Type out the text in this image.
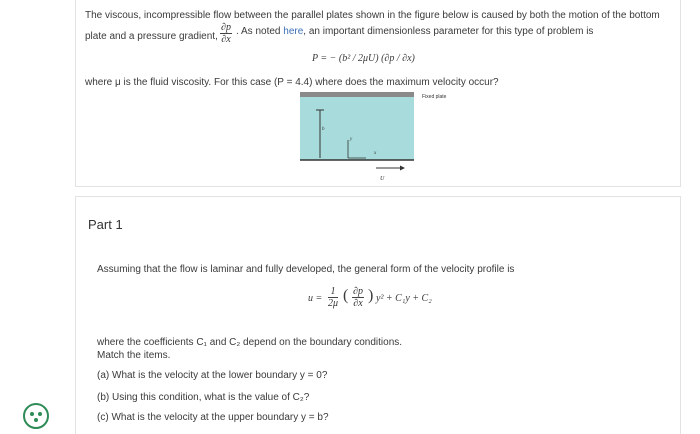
The viscous, incompressible flow between the parallel plates shown in the figure below is caused by both the motion of the bottom
plate and a pressure gradient, $\frac{\partial p}{\partial x}$ . As noted here, an important dimensionless parameter for this type of problem is
P = − (b² / 2μU) (∂p / ∂x)
where μ is the fluid viscosity. For this case (P = 4.4) where does the maximum velocity occur?
b
y
x
U
Fixed plate
Part 1
Assuming that the flow is laminar and fully developed, the general form of the velocity profile is
$u = \frac{1}{2\mu}$ ( $\frac{\partial p}{\partial x}$ ) y² + C₁y + C₂
where the coefficients C₁ and C₂ depend on the boundary conditions.
Match the items.
(a) What is the velocity at the lower boundary y = 0?
(b) Using this condition, what is the value of C₂?
(c) What is the velocity at the upper boundary y = b?
